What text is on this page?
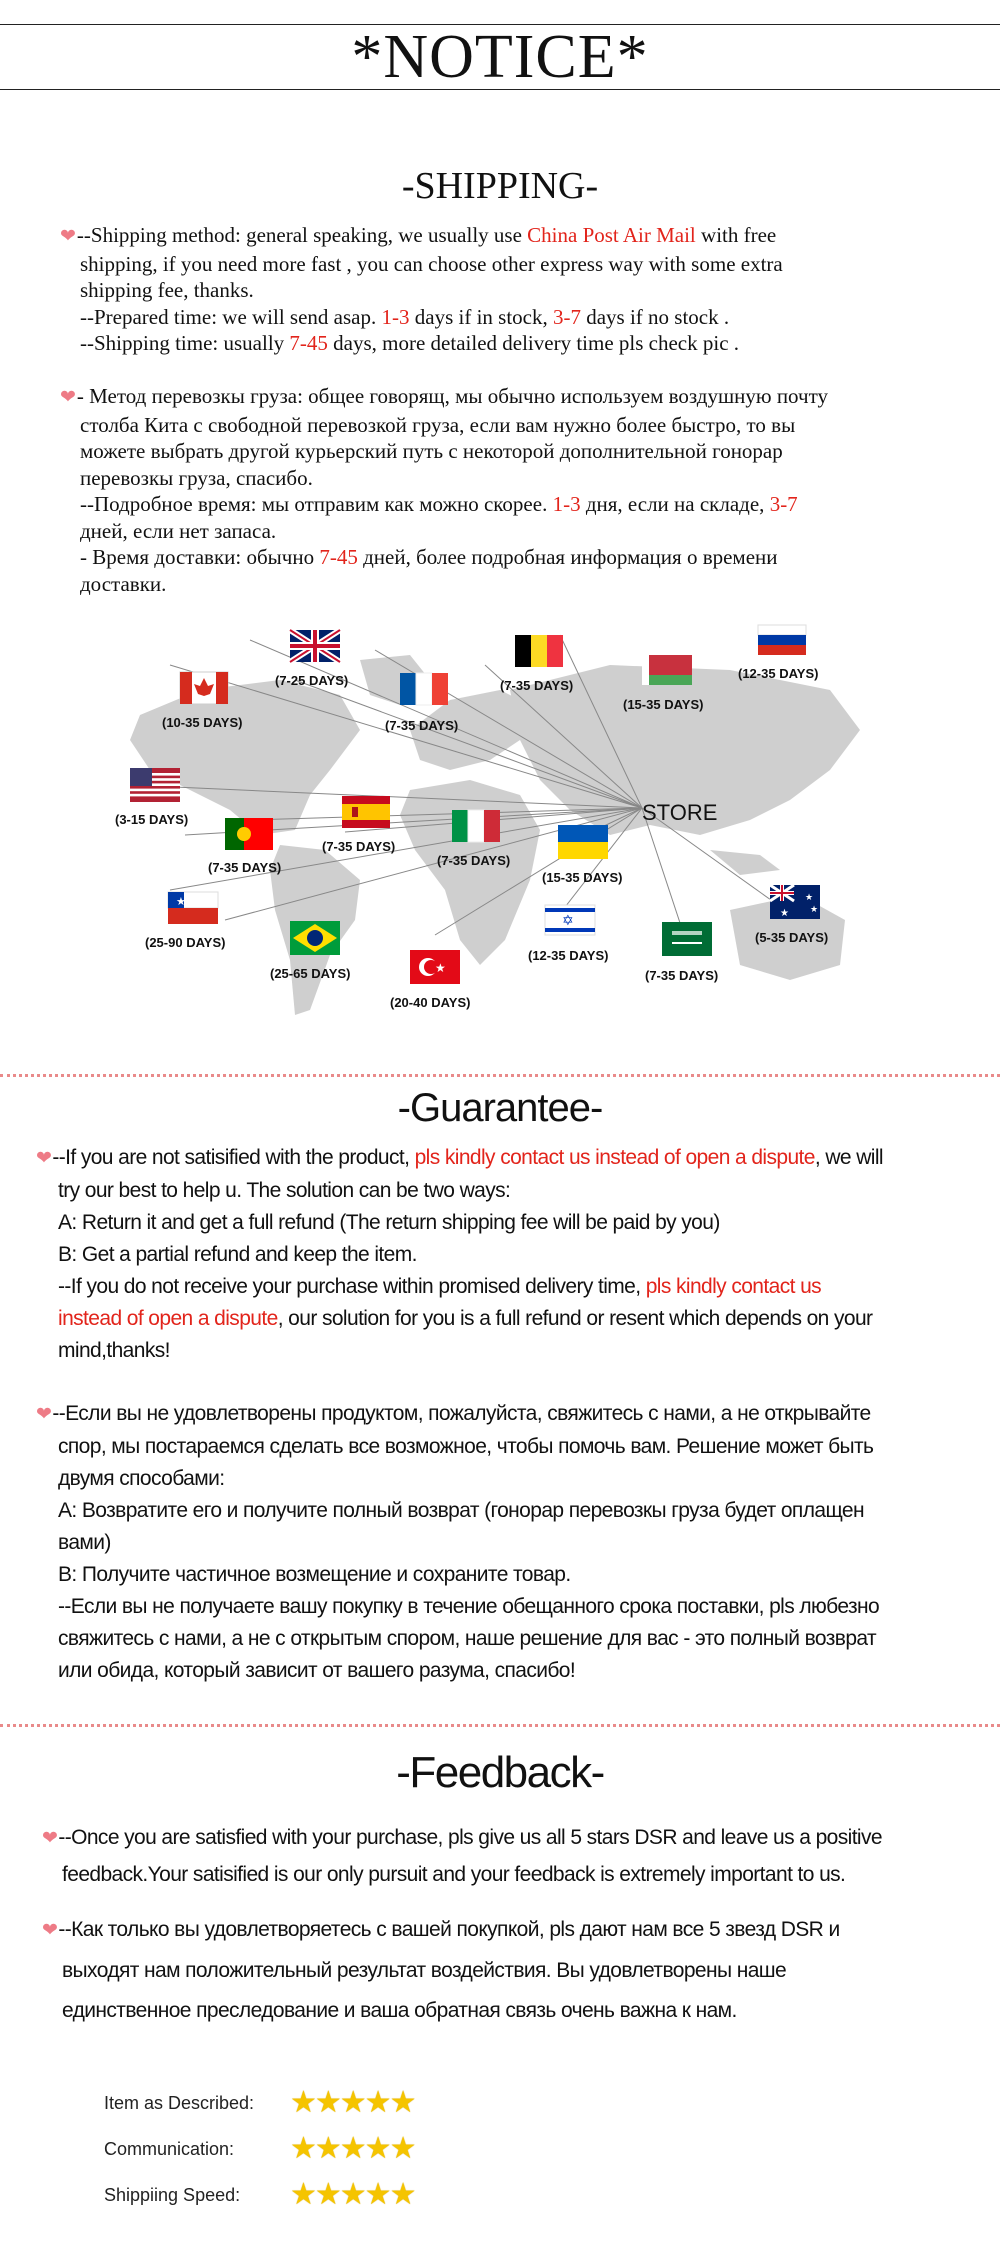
*NOTICE*
-SHIPPING-

❤--Shipping method: general speaking, we usually use China Post Air Mail with free

shipping, if you need more fast , you can choose other express way with some extra

shipping fee, thanks.

--Prepared time: we will send asap. 1-3 days if in stock, 3-7 days if no stock .

--Shipping time: usually 7-45 days, more detailed delivery time pls check pic .

❤- Метод перевозкы груза: общее говорящ, мы обычно используем воздушную почту

столба Кита с свободной перевозкой груза, если вам нужно более быстро, то вы

можете выбрать другой курьерский путь с некоторой дополнительной гонорар

перевозкы груза, спасибо.

--Подробное время: мы отправим как можно скорее. 1-3 дня, если на складе, 3-7

дней, если нет запаса.

- Время доставки: обычно 7-45 дней, более подробная информация о времени

доставки.

STORE
(10-35 DAYS)
(7-25 DAYS)
(7-35 DAYS)
(7-35 DAYS)
(15-35 DAYS)
(12-35 DAYS)
(3-15 DAYS)
(7-35 DAYS)
(7-35 DAYS)	(7-35 DAYS)
(15-35 DAYS)
★
(25-90 DAYS)
(25-65 DAYS)	★
(20-40 DAYS)
✡
(12-35 DAYS)
(7-35 DAYS)
★
★
★
(5-35 DAYS)
-Guarantee-

❤--If you are not satisified with the product, pls kindly contact us instead of open a dispute, we will

try our best to help u. The solution can be two ways:

A: Return it and get a full refund (The return shipping fee will be paid by you)

B: Get a partial refund and keep the item.

--If you do not receive your purchase within promised delivery time, pls kindly contact us

instead of open a dispute, our solution for you is a full refund or resent which depends on your

mind,thanks!

❤--Если вы не удовлетворены продуктом, пожалуйста, свяжитесь с нами, а не открывайте

спор, мы постараемся сделать все возможное, чтобы помочь вам. Решение может быть

двумя способами:

A: Возвратите его и получите полный возврат (гонорар перевозкы груза будет оплащен

вами)

B: Получите частичное возмещение и сохраните товар.

--Если вы не получаете вашу покупку в течение обещанного срока поставки, pls любезно

свяжитесь с нами, а не с открытым спором, наше решение для вас - это полный возврат

или обида, который зависит от вашего разума, спасибо!

-Feedback-

❤--Once you are satisfied with your purchase, pls give us all 5 stars DSR and leave us a positive

feedback.Your satisified is our only pursuit and your feedback is extremely important to us.

❤--Как только вы удовлетворяетесь с вашей покупкой, pls дают нам все 5 звезд DSR и

выходят нам положительный результат воздействия. Вы удовлетворены наше

единственное преследование и ваша обратная связь очень важна к нам.

Item as Described:	★★★★★
Communication:	★★★★★
Shippiing Speed:	★★★★★
